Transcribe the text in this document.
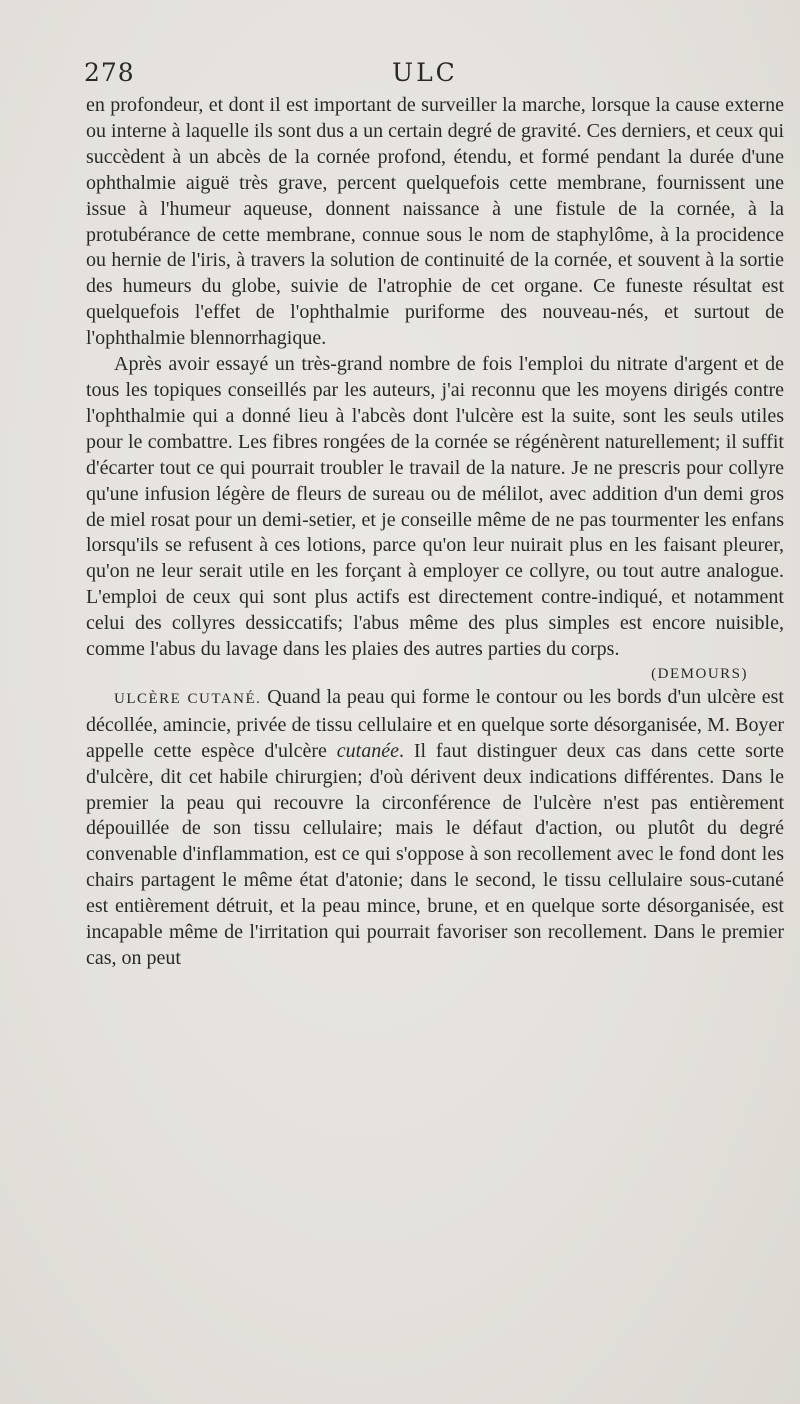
278	ULC

en profondeur, et dont il est important de surveiller la marche, lorsque la cause externe ou interne à laquelle ils sont dus a un certain degré de gravité. Ces derniers, et ceux qui succèdent à un abcès de la cornée profond, étendu, et formé pendant la durée d'une ophthalmie aiguë très grave, percent quelquefois cette membrane, fournissent une issue à l'humeur aqueuse, donnent naissance à une fistule de la cornée, à la protubérance de cette membrane, connue sous le nom de staphylôme, à la procidence ou hernie de l'iris, à travers la solution de continuité de la cornée, et souvent à la sortie des humeurs du globe, suivie de l'atrophie de cet organe. Ce funeste résultat est quelquefois l'effet de l'ophthalmie puriforme des nouveau-nés, et surtout de l'ophthalmie blennorrhagique.

Après avoir essayé un très-grand nombre de fois l'emploi du nitrate d'argent et de tous les topiques conseillés par les auteurs, j'ai reconnu que les moyens dirigés contre l'ophthalmie qui a donné lieu à l'abcès dont l'ulcère est la suite, sont les seuls utiles pour le combattre. Les fibres rongées de la cornée se régénèrent naturellement; il suffit d'écarter tout ce qui pourrait troubler le travail de la nature. Je ne prescris pour collyre qu'une infusion légère de fleurs de sureau ou de mélilot, avec addition d'un demi gros de miel rosat pour un demi-setier, et je conseille même de ne pas tourmenter les enfans lorsqu'ils se refusent à ces lotions, parce qu'on leur nuirait plus en les faisant pleurer, qu'on ne leur serait utile en les forçant à employer ce collyre, ou tout autre analogue. L'emploi de ceux qui sont plus actifs est directement contre-indiqué, et notamment celui des collyres dessiccatifs; l'abus même des plus simples est encore nuisible, comme l'abus du lavage dans les plaies des autres parties du corps.

(DEMOURS)

ULCÈRE CUTANÉ. Quand la peau qui forme le contour ou les bords d'un ulcère est décollée, amincie, privée de tissu cellulaire et en quelque sorte désorganisée, M. Boyer appelle cette espèce d'ulcère cutanée. Il faut distinguer deux cas dans cette sorte d'ulcère, dit cet habile chirurgien; d'où dérivent deux indications différentes. Dans le premier la peau qui recouvre la circonférence de l'ulcère n'est pas entièrement dépouillée de son tissu cellulaire; mais le défaut d'action, ou plutôt du degré convenable d'inflammation, est ce qui s'oppose à son recollement avec le fond dont les chairs partagent le même état d'atonie; dans le second, le tissu cellulaire sous-cutané est entièrement détruit, et la peau mince, brune, et en quelque sorte désorganisée, est incapable même de l'irritation qui pourrait favoriser son recollement. Dans le premier cas, on peut
